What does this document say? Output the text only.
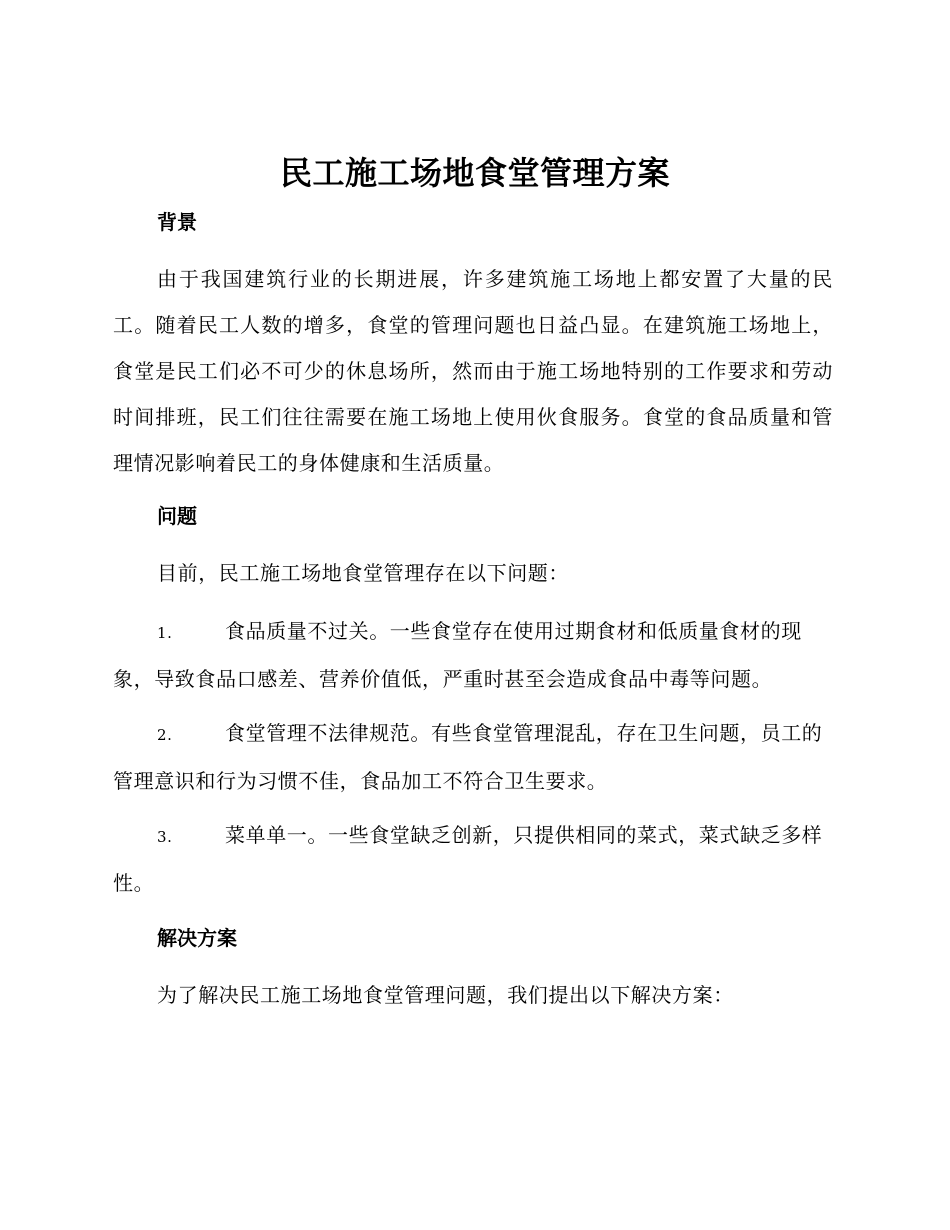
民工施工场地食堂管理方案
背景
由于我国建筑行业的长期进展，许多建筑施工场地上都安置了大量的民工。随着民工人数的增多，食堂的管理问题也日益凸显。在建筑施工场地上，食堂是民工们必不可少的休息场所，然而由于施工场地特别的工作要求和劳动时间排班，民工们往往需要在施工场地上使用伙食服务。食堂的食品质量和管理情况影响着民工的身体健康和生活质量。
问题
目前，民工施工场地食堂管理存在以下问题：
1.	食品质量不过关。一些食堂存在使用过期食材和低质量食材的现象，导致食品口感差、营养价值低，严重时甚至会造成食品中毒等问题。
2.	食堂管理不法律规范。有些食堂管理混乱，存在卫生问题，员工的管理意识和行为习惯不佳，食品加工不符合卫生要求。
3.	菜单单一。一些食堂缺乏创新，只提供相同的菜式，菜式缺乏多样性。
解决方案
为了解决民工施工场地食堂管理问题，我们提出以下解决方案：
